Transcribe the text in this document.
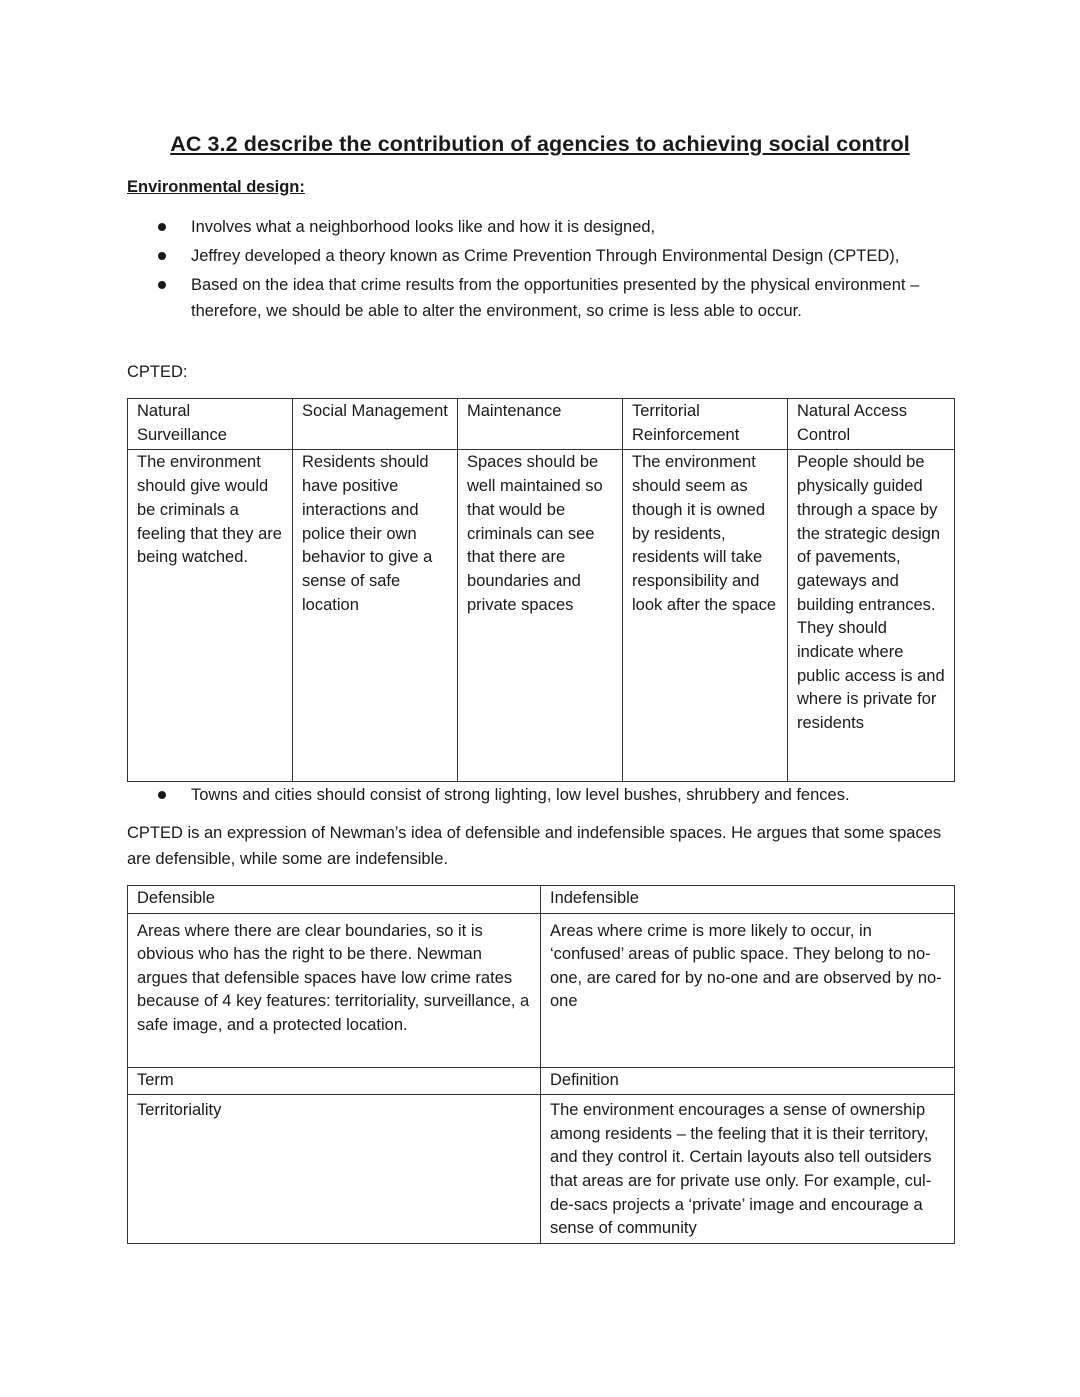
AC 3.2 describe the contribution of agencies to achieving social control
Environmental design:
Involves what a neighborhood looks like and how it is designed,
Jeffrey developed a theory known as Crime Prevention Through Environmental Design (CPTED),
Based on the idea that crime results from the opportunities presented by the physical environment – therefore, we should be able to alter the environment, so crime is less able to occur.
CPTED:
Natural Surveillance	Social Management	Maintenance	Territorial Reinforcement	Natural Access Control
The environment should give would be criminals a feeling that they are being watched.	Residents should have positive interactions and police their own behavior to give a sense of safe location	Spaces should be well maintained so that would be criminals can see that there are boundaries and private spaces	The environment should seem as though it is owned by residents, residents will take responsibility and look after the space	People should be physically guided through a space by the strategic design of pavements, gateways and building entrances. They should indicate where public access is and where is private for residents
Towns and cities should consist of strong lighting, low level bushes, shrubbery and fences.
CPTED is an expression of Newman’s idea of defensible and indefensible spaces. He argues that some spaces are defensible, while some are indefensible.
Defensible	Indefensible
Areas where there are clear boundaries, so it is obvious who has the right to be there. Newman argues that defensible spaces have low crime rates because of 4 key features: territoriality, surveillance, a safe image, and a protected location.	Areas where crime is more likely to occur, in ‘confused’ areas of public space. They belong to no-one, are cared for by no-one and are observed by no-one
Term	Definition
Territoriality	The environment encourages a sense of ownership among residents – the feeling that it is their territory, and they control it. Certain layouts also tell outsiders that areas are for private use only. For example, cul-de-sacs projects a ‘private’ image and encourage a sense of community
